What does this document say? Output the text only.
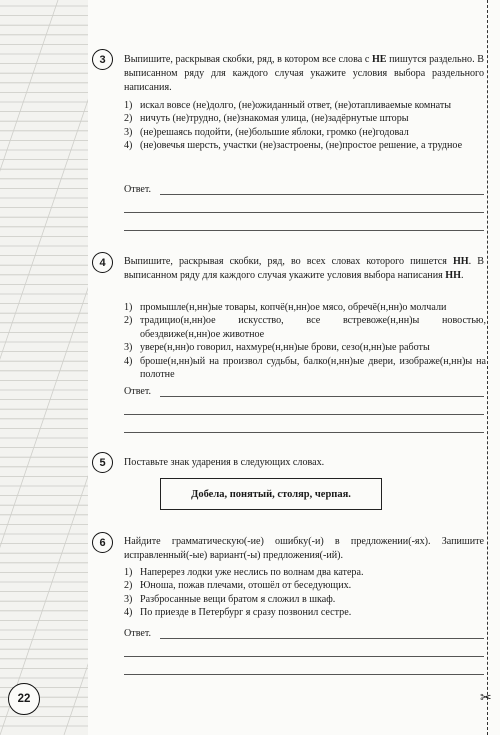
✂
3	Выпишите, раскрывая скобки, ряд, в котором все слова с НЕ пишутся раздельно. В выписанном ряду для каждого случая укажите условия выбора раздельного написания.
1) искал вовсе (не)долго, (не)ожиданный ответ, (не)отапливаемые комнаты
2) ничуть (не)трудно, (не)знакомая улица, (не)задёрнутые шторы
3) (не)решаясь подойти, (не)большие яблоки, громко (не)годовал
4) (не)овечья шерсть, участки (не)застроены, (не)простое решение, а трудное
Ответ.
4	Выпишите, раскрывая скобки, ряд, во всех словах которого пишется НН. В выписанном ряду для каждого случая укажите условия выбора написания НН.
1) промышле(н,нн)ые товары, копчё(н,нн)ое мясо, обречё(н,нн)о молчали
2) традицио(н,нн)ое искусство, все встревоже(н,нн)ы новостью, обездвиже(н,нн)ое животное
3) увере(н,нн)о говорил, нахмуре(н,нн)ые брови, сезо(н,нн)ые работы
4) броше(н,нн)ый на произвол судьбы, балко(н,нн)ые двери, изображе(н,нн)ы на полотне
Ответ.
5	Поставьте знак ударения в следующих словах.
Добела, понятый, столяр, черпая.
6	Найдите грамматическую(-ие) ошибку(-и) в предложении(-ях). Запишите исправленный(-ые) вариант(-ы) предложения(-ий).
1) Наперерез лодки уже неслись по волнам два катера.
2) Юноша, пожав плечами, отошёл от беседующих.
3) Разбросанные вещи братом я сложил в шкаф.
4) По приезде в Петербург я сразу позвонил сестре.
Ответ.
22
